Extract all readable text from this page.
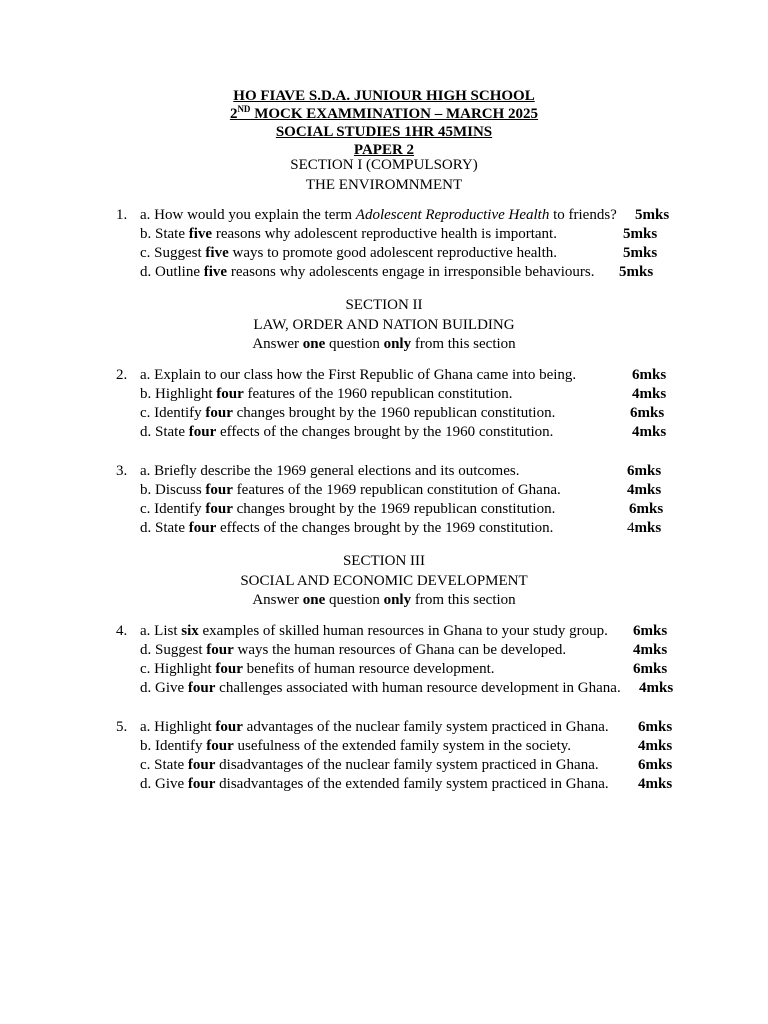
HO FIAVE S.D.A. JUNIOUR HIGH SCHOOL
2ND MOCK EXAMMINATION – MARCH 2025
SOCIAL STUDIES 1HR 45MINS
PAPER 2
SECTION I (COMPULSORY)
THE ENVIROMNMENT
1. a. How would you explain the term Adolescent Reproductive Health to friends? 5mks
b. State five reasons why adolescent reproductive health is important.	5mks
c. Suggest five ways to promote good adolescent reproductive health.	5mks
d. Outline five reasons why adolescents engage in irresponsible behaviours. 5mks
SECTION II
LAW, ORDER AND NATION BUILDING
Answer one question only from this section
2. a. Explain to our class how the First Republic of Ghana came into being.	6mks
b. Highlight four features of the 1960 republican constitution.	4mks
c. Identify four changes brought by the 1960 republican constitution.	6mks
d. State four effects of the changes brought by the 1960 constitution.	4mks
3. a. Briefly describe the 1969 general elections and its outcomes.	6mks
b. Discuss four features of the 1969 republican constitution of Ghana.	4mks
c. Identify four changes brought by the 1969 republican constitution.	6mks
d. State four effects of the changes brought by the 1969 constitution.	4mks
SECTION III
SOCIAL AND ECONOMIC DEVELOPMENT
Answer one question only from this section
4. a. List six examples of skilled human resources in Ghana to your study group. 6mks
d. Suggest four ways the human resources of Ghana can be developed.	4mks
c. Highlight four benefits of human resource development.	6mks
d. Give four challenges associated with human resource development in Ghana. 4mks
5. a. Highlight four advantages of the nuclear family system practiced in Ghana. 6mks
b. Identify four usefulness of the extended family system in the society.	4mks
c. State four disadvantages of the nuclear family system practiced in Ghana.	6mks
d. Give four disadvantages of the extended family system practiced in Ghana. 4mks
